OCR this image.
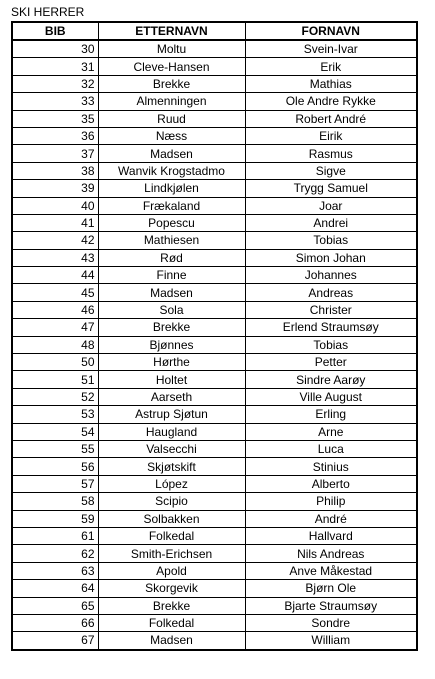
SKI HERRER
BIB	ETTERNAVN	FORNAVN
30	Moltu	Svein-Ivar
31	Cleve-Hansen	Erik
32	Brekke	Mathias
33	Almenningen	Ole Andre Rykke
35	Ruud	Robert André
36	Næss	Eirik
37	Madsen	Rasmus
38	Wanvik Krogstadmo	Sigve
39	Lindkjølen	Trygg Samuel
40	Frækaland	Joar
41	Popescu	Andrei
42	Mathiesen	Tobias
43	Rød	Simon Johan
44	Finne	Johannes
45	Madsen	Andreas
46	Sola	Christer
47	Brekke	Erlend Straumsøy
48	Bjønnes	Tobias
50	Hørthe	Petter
51	Holtet	Sindre Aarøy
52	Aarseth	Ville August
53	Astrup Sjøtun	Erling
54	Haugland	Arne
55	Valsecchi	Luca
56	Skjøtskift	Stinius
57	López	Alberto
58	Scipio	Philip
59	Solbakken	André
61	Folkedal	Hallvard
62	Smith-Erichsen	Nils Andreas
63	Apold	Anve Måkestad
64	Skorgevik	Bjørn Ole
65	Brekke	Bjarte Straumsøy
66	Folkedal	Sondre
67	Madsen	William
